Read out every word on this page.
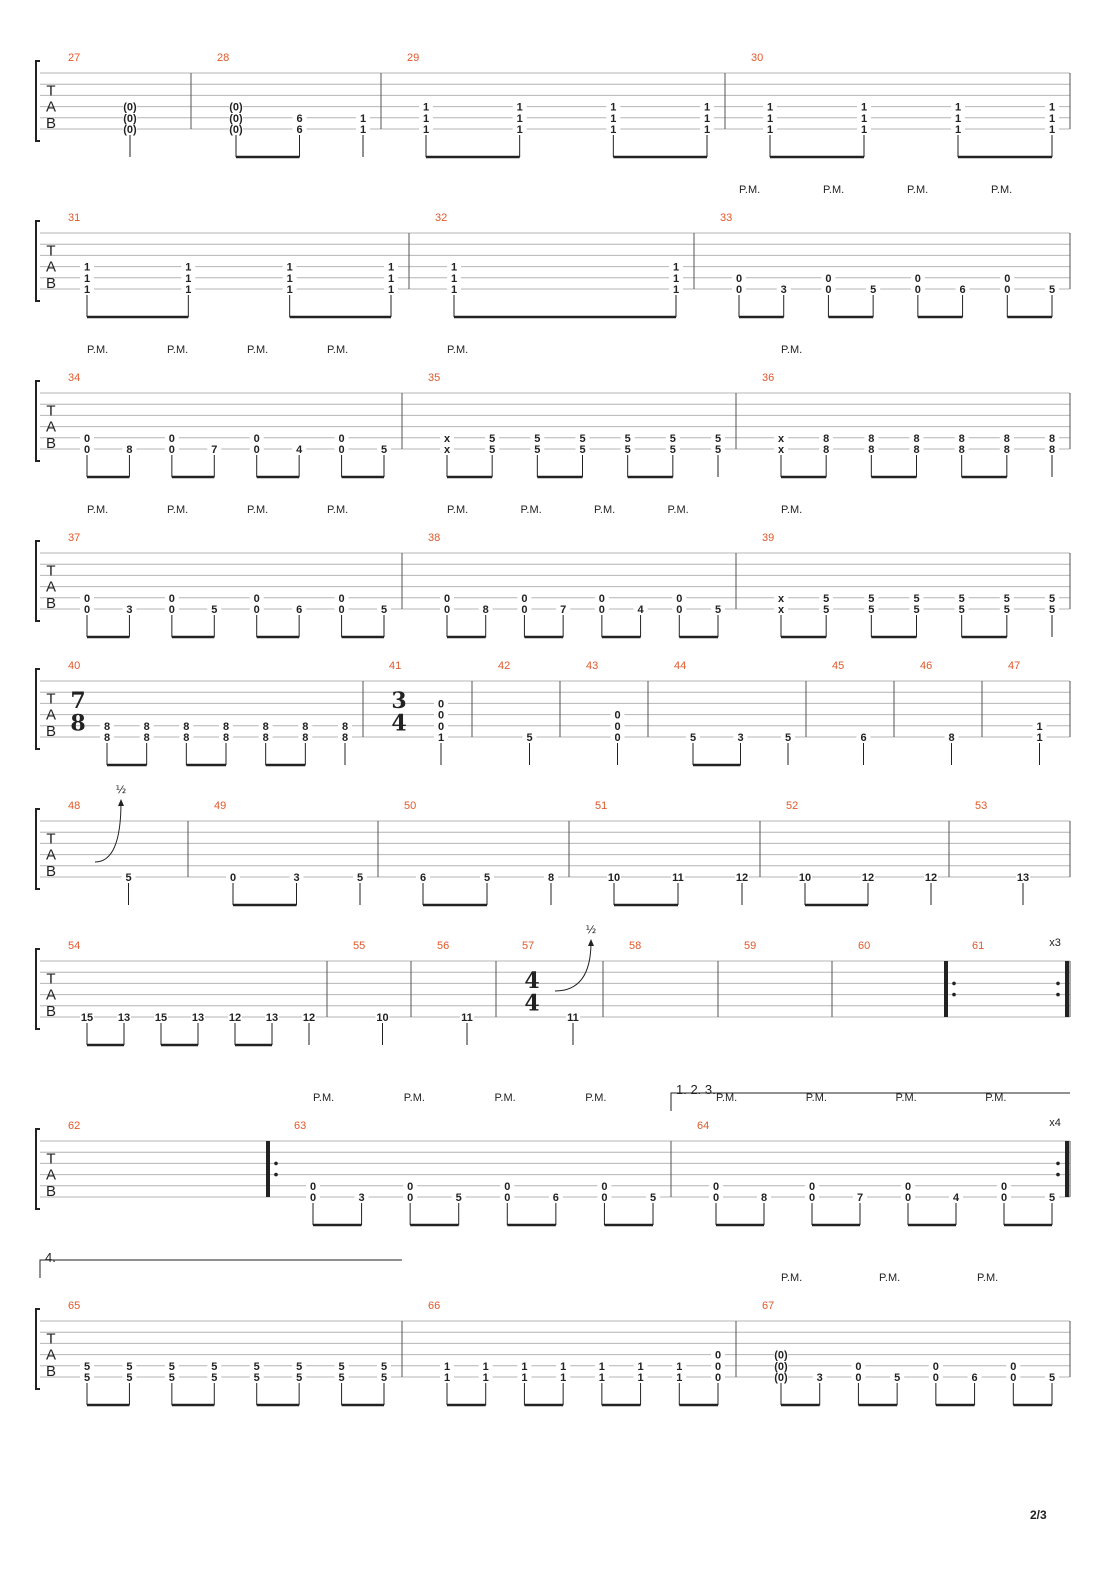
T
A
B
27
(0)
(0)
(0)
28
(0)
(0)
(0)
6
6
1
1
29
1
1
1
1
1
1
1
1
1
1
1
1
30
1
1
1
1
1
1
1
1
1
1
1
1
T
A
B
31
1
1
1
1
1
1
1
1
1
1
1
1
32
1
1
1
1
1
1
33
0
0
3	0
0
5	0
0
6	0
0
5
P.M.	P.M.	P.M.	P.M.
T
A
B
34
0
0
8	0
0
7	0
0
4	0
0
5
P.M.	P.M.	P.M.	P.M.
35
x
x
5
5
5
5
5
5
5
5
5
5
5
5
P.M.
36
x
x
8
8
8
8
8
8
8
8
8
8
8
8
P.M.
T
A
B
37
0
0
3	0
0
5	0
0
6	0
0
5
P.M.	P.M.	P.M.	P.M.
38
0
0
8	0
0
7	0
0
4	0
0
5
P.M.	P.M.	P.M.	P.M.
39
x
x
5
5
5
5
5
5
5
5
5
5
5
5
P.M.
T
A
B
40
7
8
8
8
8
8
8
8
8
8
8
8
8
8
8
8
41
3
4
1
0
0
0
42
5
43
0
0
0
44
5	3	5
45
6
46
8
47
1
1
T
A
B
48
5
49
0	3	5
50
6	5	8
51
10	11	12
52
10	12	12
53
13
T
A
B
54
15 13 15 13 12 13 12
55
10
56
11
57
4
4
11
58	59	60	61
T
A
B
62	63
0
0
3	0
0
5	0
0
6	0
0
5
P.M.	P.M.	P.M.	P.M.
64
0
0
8	0
0
7	0
0
4	0
0
5
P.M.	P.M.	P.M.	P.M.
T
A
B
65
5
5
5
5
5
5
5
5
5
5
5
5
5
5
5
5
66
1
1
1
1
1
1
1
1
1
1
1
1
1
1
0
0
0
67
(0)
(0)
(0)
3	0
0
5	0
0
6	0
0
5
P.M.	P.M.	P.M.
x3
x4
1. 2. 3.
4.
½
½
2/3
